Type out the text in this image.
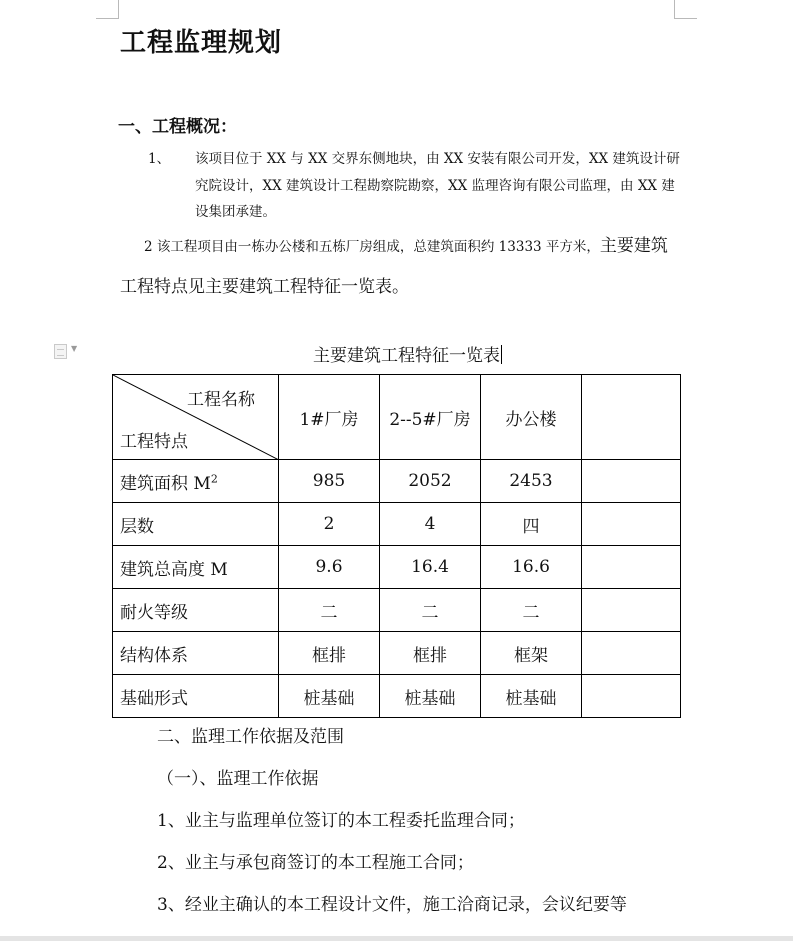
工程监理规划
一、工程概况：
1、 该项目位于 XX 与 XX 交界东侧地块，由 XX 安装有限公司开发，XX 建筑设计研究院设计，XX 建筑设计工程勘察院勘察，XX 监理咨询有限公司监理，由 XX 建设集团承建。
2 该工程项目由一栋办公楼和五栋厂房组成，总建筑面积约 13333 平方米，主要建筑
工程特点见主要建筑工程特征一览表。
▼	主要建筑工程特征一览表
工程名称
工程特点	1#厂房	2--5#厂房	办公楼	
建筑面积 $M^2$	985	2052	2453	
层数	2	4	四	
建筑总高度 M	9.6	16.4	16.6	
耐火等级	二	二	二	
结构体系	框排	框排	框架	
基础形式	桩基础	桩基础	桩基础	
二、监理工作依据及范围
（一）、监理工作依据
1、业主与监理单位签订的本工程委托监理合同；
2、业主与承包商签订的本工程施工合同；
3、经业主确认的本工程设计文件，施工洽商记录，会议纪要等
